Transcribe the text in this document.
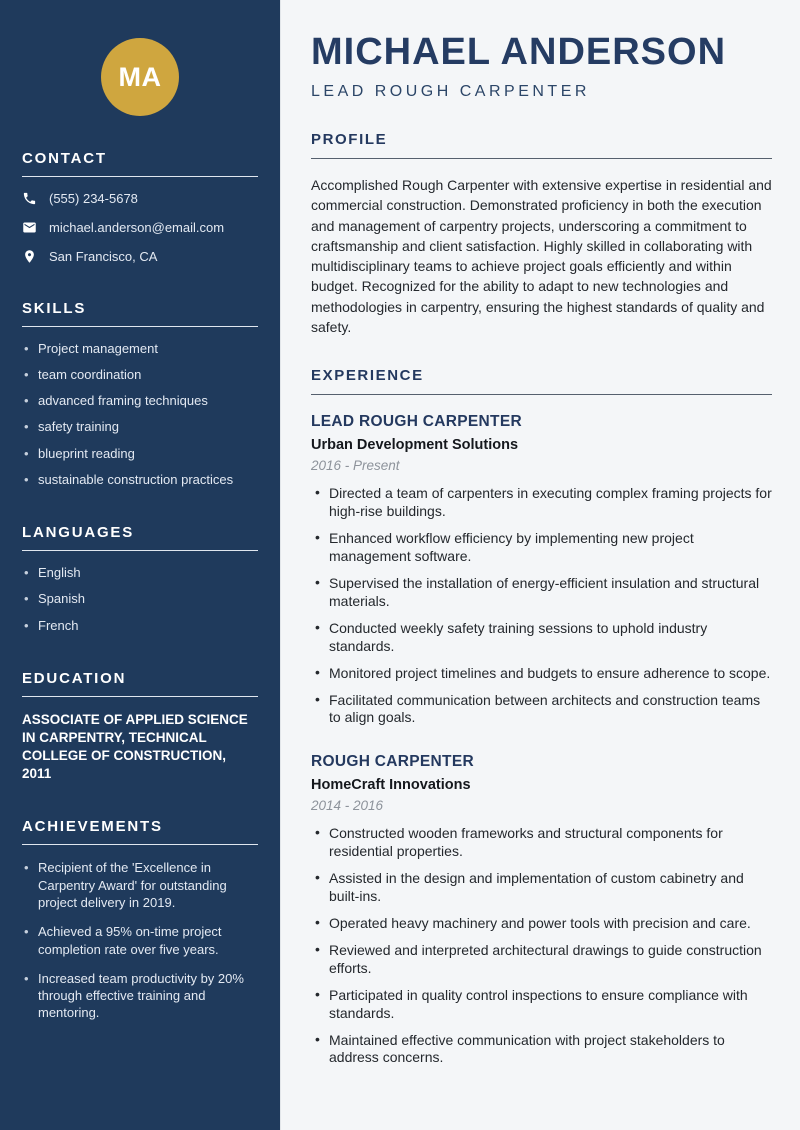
MA
CONTACT
(555) 234-5678
michael.anderson@email.com
San Francisco, CA
SKILLS
• Project management
• team coordination
• advanced framing techniques
• safety training
• blueprint reading
• sustainable construction practices
LANGUAGES
• English
• Spanish
• French
EDUCATION
ASSOCIATE OF APPLIED SCIENCE IN CARPENTRY, TECHNICAL COLLEGE OF CONSTRUCTION, 2011
ACHIEVEMENTS
• Recipient of the 'Excellence in Carpentry Award' for outstanding project delivery in 2019.
• Achieved a 95% on-time project completion rate over five years.
• Increased team productivity by 20% through effective training and mentoring.
MICHAEL ANDERSON
LEAD ROUGH CARPENTER
PROFILE

Accomplished Rough Carpenter with extensive expertise in residential and commercial construction. Demonstrated proficiency in both the execution and management of carpentry projects, underscoring a commitment to craftsmanship and client satisfaction. Highly skilled in collaborating with multidisciplinary teams to achieve project goals efficiently and within budget. Recognized for the ability to adapt to new technologies and methodologies in carpentry, ensuring the highest standards of quality and safety.

EXPERIENCE
LEAD ROUGH CARPENTER
Urban Development Solutions
2016 - Present
• Directed a team of carpenters in executing complex framing projects for high-rise buildings.
• Enhanced workflow efficiency by implementing new project management software.
• Supervised the installation of energy-efficient insulation and structural materials.
• Conducted weekly safety training sessions to uphold industry standards.
• Monitored project timelines and budgets to ensure adherence to scope.
• Facilitated communication between architects and construction teams to align goals.
ROUGH CARPENTER
HomeCraft Innovations
2014 - 2016
• Constructed wooden frameworks and structural components for residential properties.
• Assisted in the design and implementation of custom cabinetry and built-ins.
• Operated heavy machinery and power tools with precision and care.
• Reviewed and interpreted architectural drawings to guide construction efforts.
• Participated in quality control inspections to ensure compliance with standards.
• Maintained effective communication with project stakeholders to address concerns.
